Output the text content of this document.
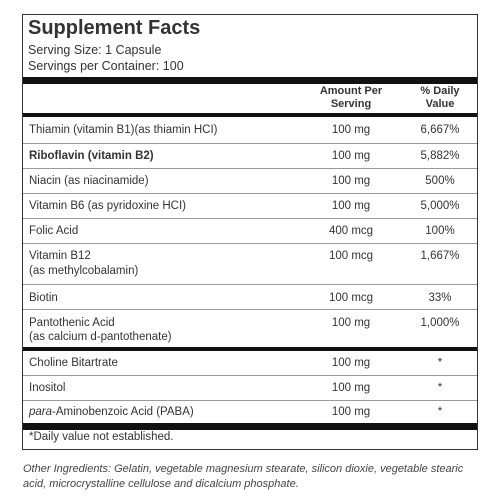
Supplement Facts
Serving Size: 1 Capsule
Servings per Container: 100
Amount Per
Serving
% Daily
Value
Thiamin (vitamin B1)(as thiamin HCI)	100 mg	6,667%
Riboflavin (vitamin B2)	100 mg	5,882%
Niacin (as niacinamide)	100 mg	500%
Vitamin B6 (as pyridoxine HCI)	100 mg	5,000%
Folic Acid	400 mcg	100%
Vitamin B12
(as methylcobalamin)
100 mcg	1,667%
Biotin	100 mcg	33%
Pantothenic Acid
(as calcium d-pantothenate)
100 mg	1,000%
Choline Bitartrate	100 mg	*
Inositol	100 mg	*
para-Aminobenzoic Acid (PABA)	100 mg	*
*Daily value not established.
Other Ingredients: Gelatin, vegetable magnesium stearate, silicon dioxie, vegetable stearic acid, microcrystalline cellulose and dicalcium phosphate.
